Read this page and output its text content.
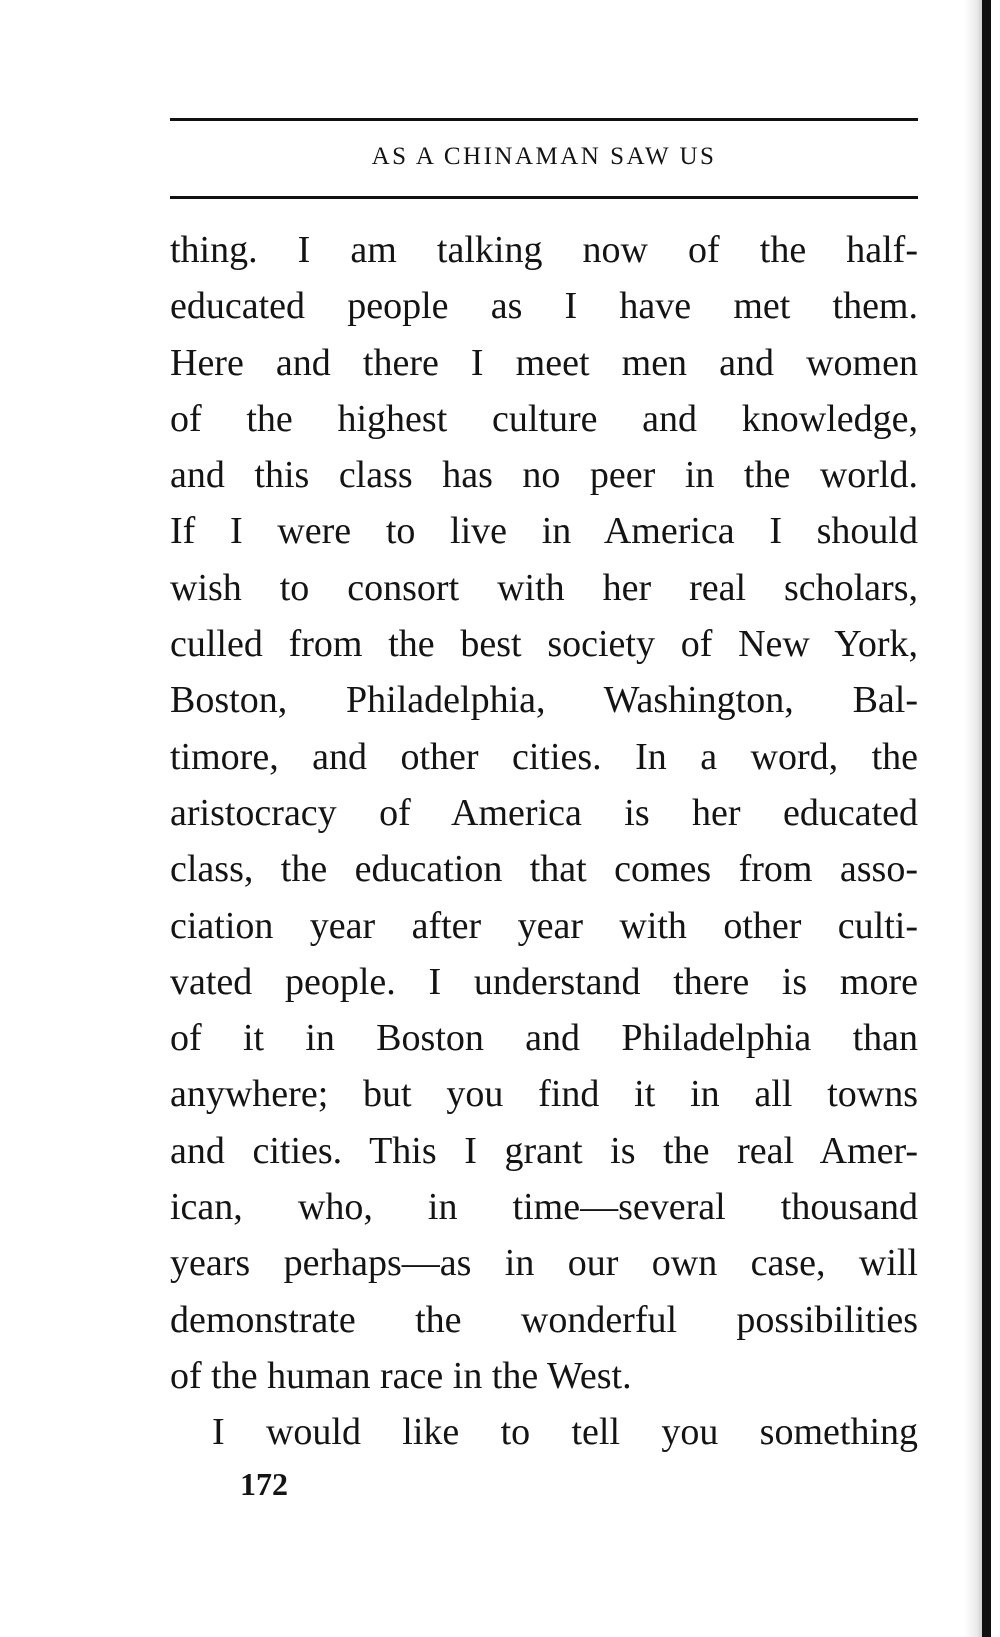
AS A CHINAMAN SAW US
thing. I am talking now of the half-
educated people as I have met them.
Here and there I meet men and women
of the highest culture and knowledge,
and this class has no peer in the world.
If I were to live in America I should
wish to consort with her real scholars,
culled from the best society of New York,
Boston, Philadelphia, Washington, Bal-
timore, and other cities. In a word, the
aristocracy of America is her educated
class, the education that comes from asso-
ciation year after year with other culti-
vated people. I understand there is more
of it in Boston and Philadelphia than
anywhere; but you find it in all towns
and cities. This I grant is the real Amer-
ican, who, in time—several thousand
years perhaps—as in our own case, will
demonstrate the wonderful possibilities
of the human race in the West.
I would like to tell you something
172
